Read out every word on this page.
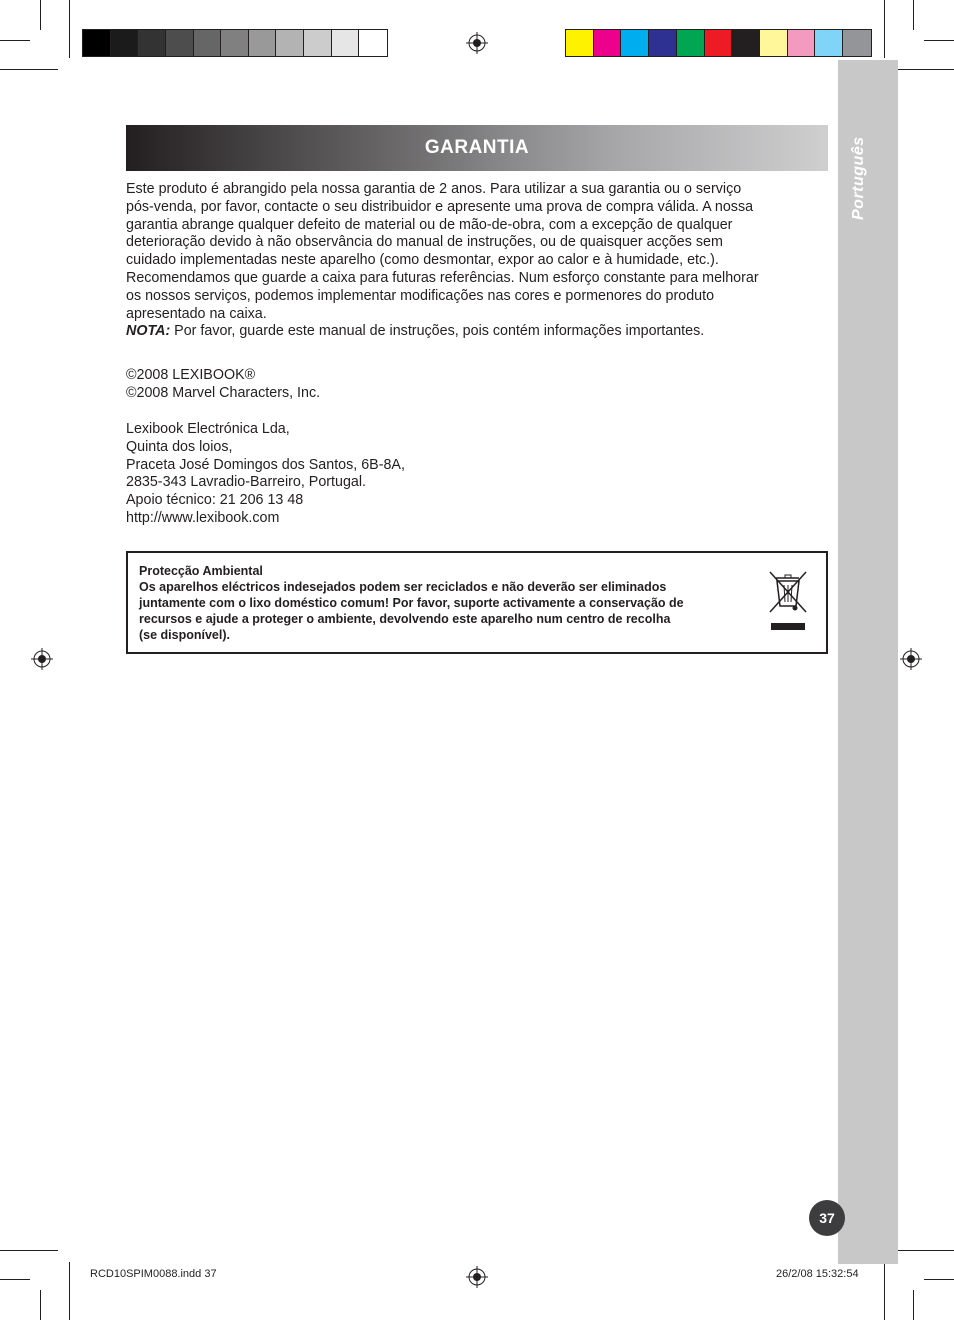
Português
37
GARANTIA
Este produto é abrangido pela nossa garantia de 2 anos. Para utilizar a sua garantia ou o serviço
pós-venda, por favor, contacte o seu distribuidor e apresente uma prova de compra válida. A nossa
garantia abrange qualquer defeito de material ou de mão-de-obra, com a excepção de qualquer
deterioração devido à não observância do manual de instruções, ou de quaisquer acções sem
cuidado implementadas neste aparelho (como desmontar, expor ao calor e à humidade, etc.).
Recomendamos que guarde a caixa para futuras referências. Num esforço constante para melhorar
os nossos serviços, podemos implementar modificações nas cores e pormenores do produto
apresentado na caixa.

NOTA: Por favor, guarde este manual de instruções, pois contém informações importantes.

©2008 LEXIBOOK®
©2008 Marvel Characters, Inc.
Lexibook Electrónica Lda,
Quinta dos loios,
Praceta José Domingos dos Santos, 6B-8A,
2835-343 Lavradio-Barreiro, Portugal.
Apoio técnico: 21 206 13 48
http://www.lexibook.com
Protecção Ambiental
Os aparelhos eléctricos indesejados podem ser reciclados e não deverão ser eliminados
juntamente com o lixo doméstico comum! Por favor, suporte activamente a conservação de
recursos e ajude a proteger o ambiente, devolvendo este aparelho num centro de recolha
(se disponível).
RCD10SPIM0088.indd 37	26/2/08 15:32:54
